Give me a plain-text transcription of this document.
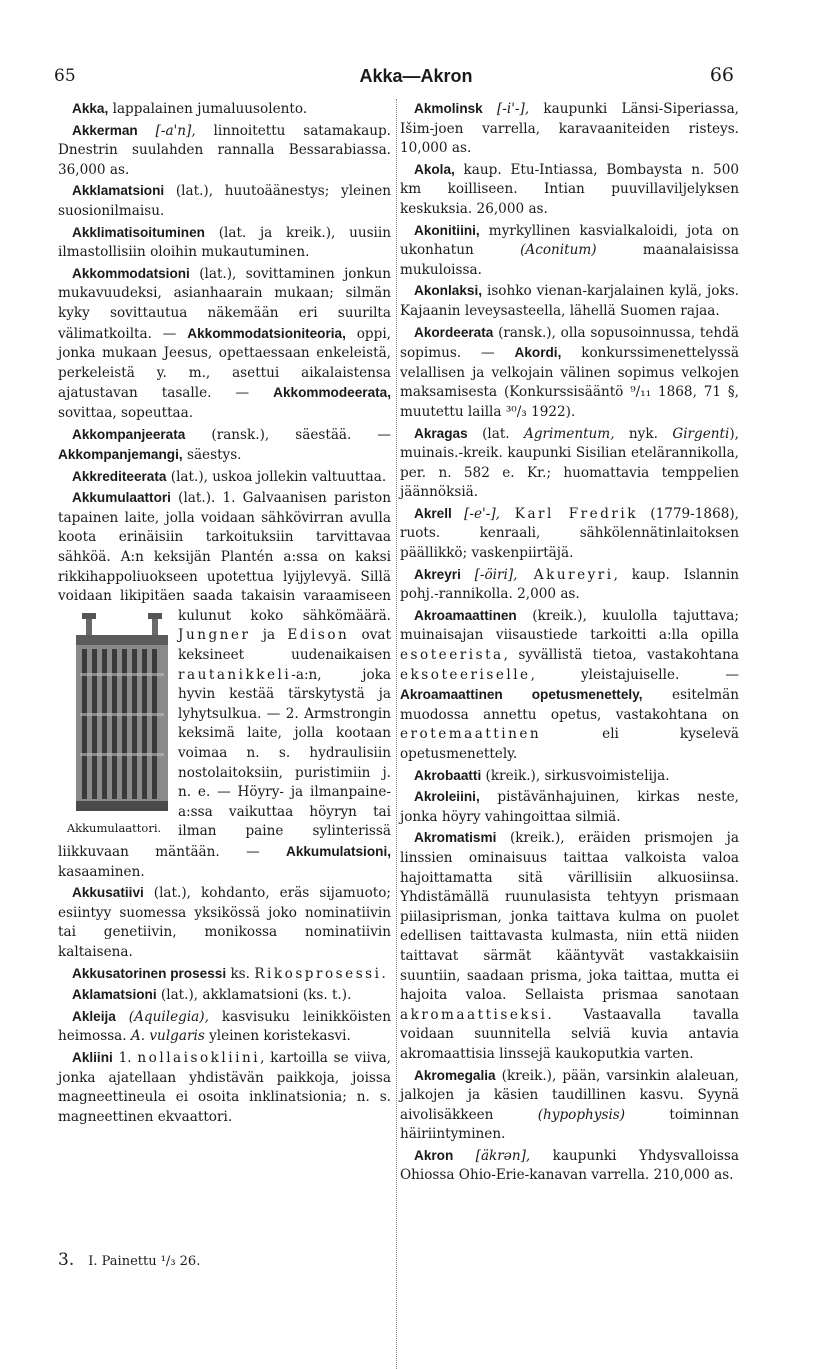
65	Akka—Akron	66

Akka, lappalainen jumaluusolento.

Akkerman [-a'n], linnoitettu satamakaup. Dnestrin suulahden rannalla Bessarabiassa. 36,000 as.

Akklamatsioni (lat.), huutoäänestys; yleinen suosionilmaisu.

Akklimatisoituminen (lat. ja kreik.), uusiin ilmastollisiin oloihin mukautuminen.

Akkommodatsioni (lat.), sovittaminen jonkun mukavuudeksi, asianhaarain mukaan; silmän kyky sovittautua näkemään eri suurilta välimatkoilta. — Akkommodatsioniteoria, oppi, jonka mukaan Jeesus, opettaessaan enkeleistä, perkeleistä y. m., asettui aikalaistensa ajatustavan tasalle. — Akkommodeerata, sovittaa, sopeuttaa.

Akkompanjeerata (ransk.), säestää. — Akkompanjemangi, säestys.

Akkrediteerata (lat.), uskoa jollekin valtuuttaa.

Akkumulaattori (lat.). 1. Galvaanisen pariston tapainen laite, jolla voidaan sähkövirran avulla koota erinäisiin tarkoituksiin tarvittavaa sähköä. A:n keksijän Plantén a:ssa on kaksi rikkihappoliuokseen upotettua lyijylevyä. Sillä voidaan likipitäen saada takaisin varaamiseen kulunut koko sähkömäärä.
Akkumulaattori.
Jungner ja Edison ovat keksineet uudenaikaisen rautanikkeli-a:n, joka hyvin kestää tärskytystä ja lyhytsulkua. — 2. Armstrongin keksimä laite, jolla kootaan voimaa n. s. hydraulisiin nostolaitoksiin, puristimiin j. n. e. — Höyry- ja ilmanpaine-a:ssa vaikuttaa höyryn tai ilman paine sylinterissä liikkuvaan mäntään. — Akkumulatsioni, kasaaminen.

Akkusatiivi (lat.), kohdanto, eräs sijamuoto; esiintyy suomessa yksikössä joko nominatiivin tai genetiivin, monikossa nominatiivin kaltaisena.

Akkusatorinen prosessi ks. Rikosprosessi.

Aklamatsioni (lat.), akklamatsioni (ks. t.).

Akleija (Aquilegia), kasvisuku leinikköisten heimossa. A. vulgaris yleinen koristekasvi.

Akliini 1. nollaisokliini, kartoilla se viiva, jonka ajatellaan yhdistävän paikkoja, joissa magneettineula ei osoita inklinatsionia; n. s. magneettinen ekvaattori.

Akmolinsk [-i'-], kaupunki Länsi-Siperiassa, Išim-joen varrella, karavaaniteiden risteys. 10,000 as.

Akola, kaup. Etu-Intiassa, Bombaysta n. 500 km koilliseen. Intian puuvillaviljelyksen keskuksia. 26,000 as.

Akonitiini, myrkyllinen kasvialkaloidi, jota on ukonhatun (Aconitum) maanalaisissa mukuloissa.

Akonlaksi, isohko vienan-karjalainen kylä, joks. Kajaanin leveysasteella, lähellä Suomen rajaa.

Akordeerata (ransk.), olla sopusoinnussa, tehdä sopimus. — Akordi, konkurssimenettelyssä velallisen ja velkojain välinen sopimus velkojen maksamisesta (Konkurssisääntö ⁹/₁₁ 1868, 71 §, muutettu lailla ³⁰/₃ 1922).

Akragas (lat. Agrimentum, nyk. Girgenti), muinais.-kreik. kaupunki Sisilian etelärannikolla, per. n. 582 e. Kr.; huomattavia temppelien jäännöksiä.

Akrell [-e'-], Karl Fredrik (1779-1868), ruots. kenraali, sähkölennätinlaitoksen päällikkö; vaskenpiirtäjä.

Akreyri [-öiri], Akureyri, kaup. Islannin pohj.-rannikolla. 2,000 as.

Akroamaattinen (kreik.), kuulolla tajuttava; muinaisajan viisaustiede tarkoitti a:lla opilla esoteerista, syvällistä tietoa, vastakohtana eksoteeriselle, yleistajuiselle. — Akroamaattinen opetusmenettely, esitelmän muodossa annettu opetus, vastakohtana on erotemaattinen eli kyselevä opetusmenettely.

Akrobaatti (kreik.), sirkusvoimistelija.

Akroleiini, pistävänhajuinen, kirkas neste, jonka höyry vahingoittaa silmiä.

Akromatismi (kreik.), eräiden prismojen ja linssien ominaisuus taittaa valkoista valoa hajoittamatta sitä värillisiin alkuosiinsa. Yhdistämällä ruunulasista tehtyyn prismaan piilasiprisman, jonka taittava kulma on puolet edellisen taittavasta kulmasta, niin että niiden taittavat särmät kääntyvät vastakkaisiin suuntiin, saadaan prisma, joka taittaa, mutta ei hajoita valoa. Sellaista prismaa sanotaan akromaattiseksi. Vastaavalla tavalla voidaan suunnitella selviä kuvia antavia akromaattisia linssejä kaukoputkia varten.

Akromegalia (kreik.), pään, varsinkin alaleuan, jalkojen ja käsien taudillinen kasvu. Syynä aivolisäkkeen (hypophysis) toiminnan häiriintyminen.

Akron [äkrən], kaupunki Yhdysvalloissa Ohiossa Ohio-Erie-kanavan varrella. 210,000 as.

3. I. Painettu ¹/₃ 26.
